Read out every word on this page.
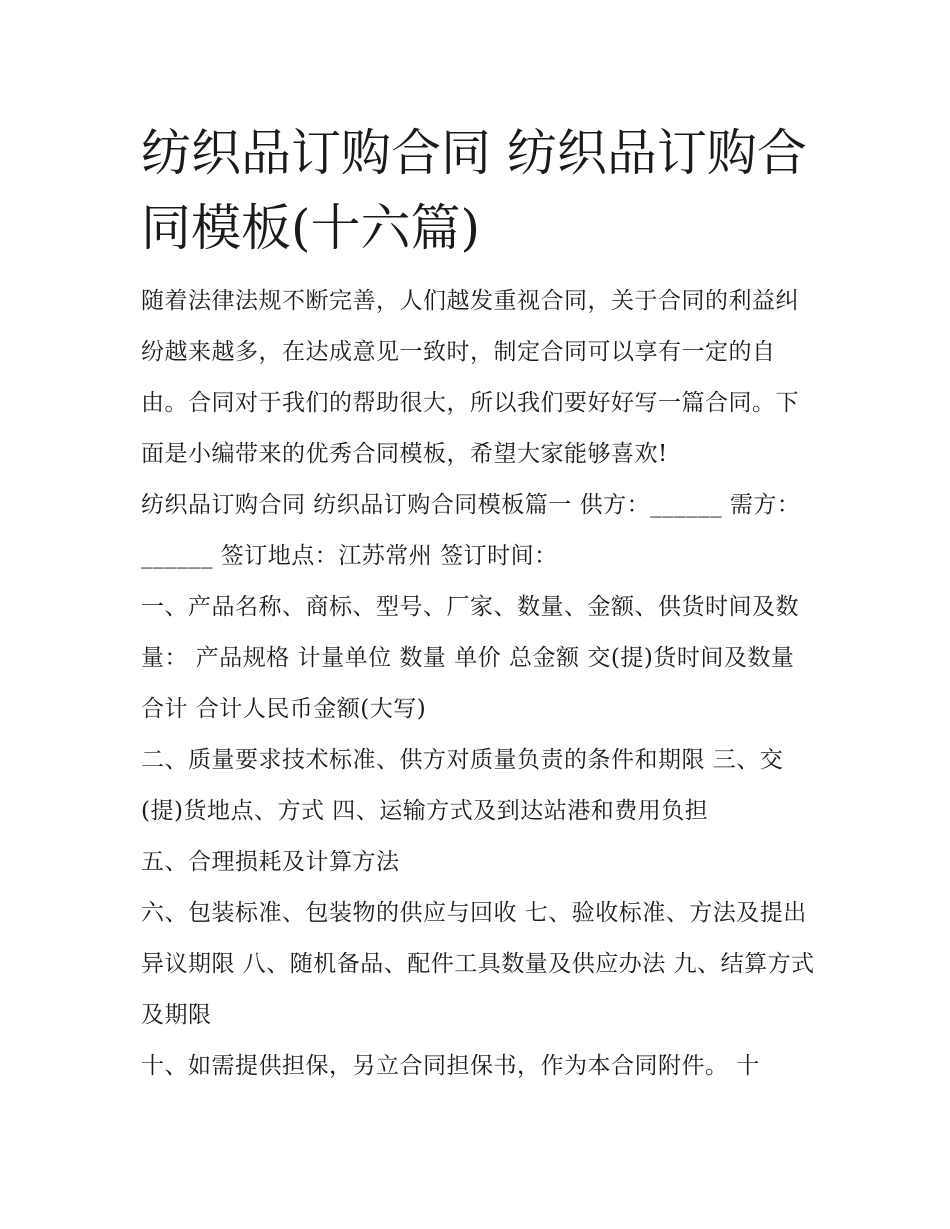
纺织品订购合同 纺织品订购合同模板(十六篇)

随着法律法规不断完善，人们越发重视合同，关于合同的利益纠纷越来越多，在达成意见一致时，制定合同可以享有一定的自由。合同对于我们的帮助很大，所以我们要好好写一篇合同。下面是小编带来的优秀合同模板，希望大家能够喜欢!

纺织品订购合同 纺织品订购合同模板篇一 供方：______ 需方：______ 签订地点：江苏常州 签订时间：

一、产品名称、商标、型号、厂家、数量、金额、供货时间及数量： 产品规格 计量单位 数量 单价 总金额 交(提)货时间及数量 合计 合计人民币金额(大写)

二、质量要求技术标准、供方对质量负责的条件和期限 三、交(提)货地点、方式 四、运输方式及到达站港和费用负担

五、合理损耗及计算方法

六、包装标准、包装物的供应与回收 七、验收标准、方法及提出异议期限 八、随机备品、配件工具数量及供应办法 九、结算方式及期限

十、如需提供担保，另立合同担保书，作为本合同附件。 十
